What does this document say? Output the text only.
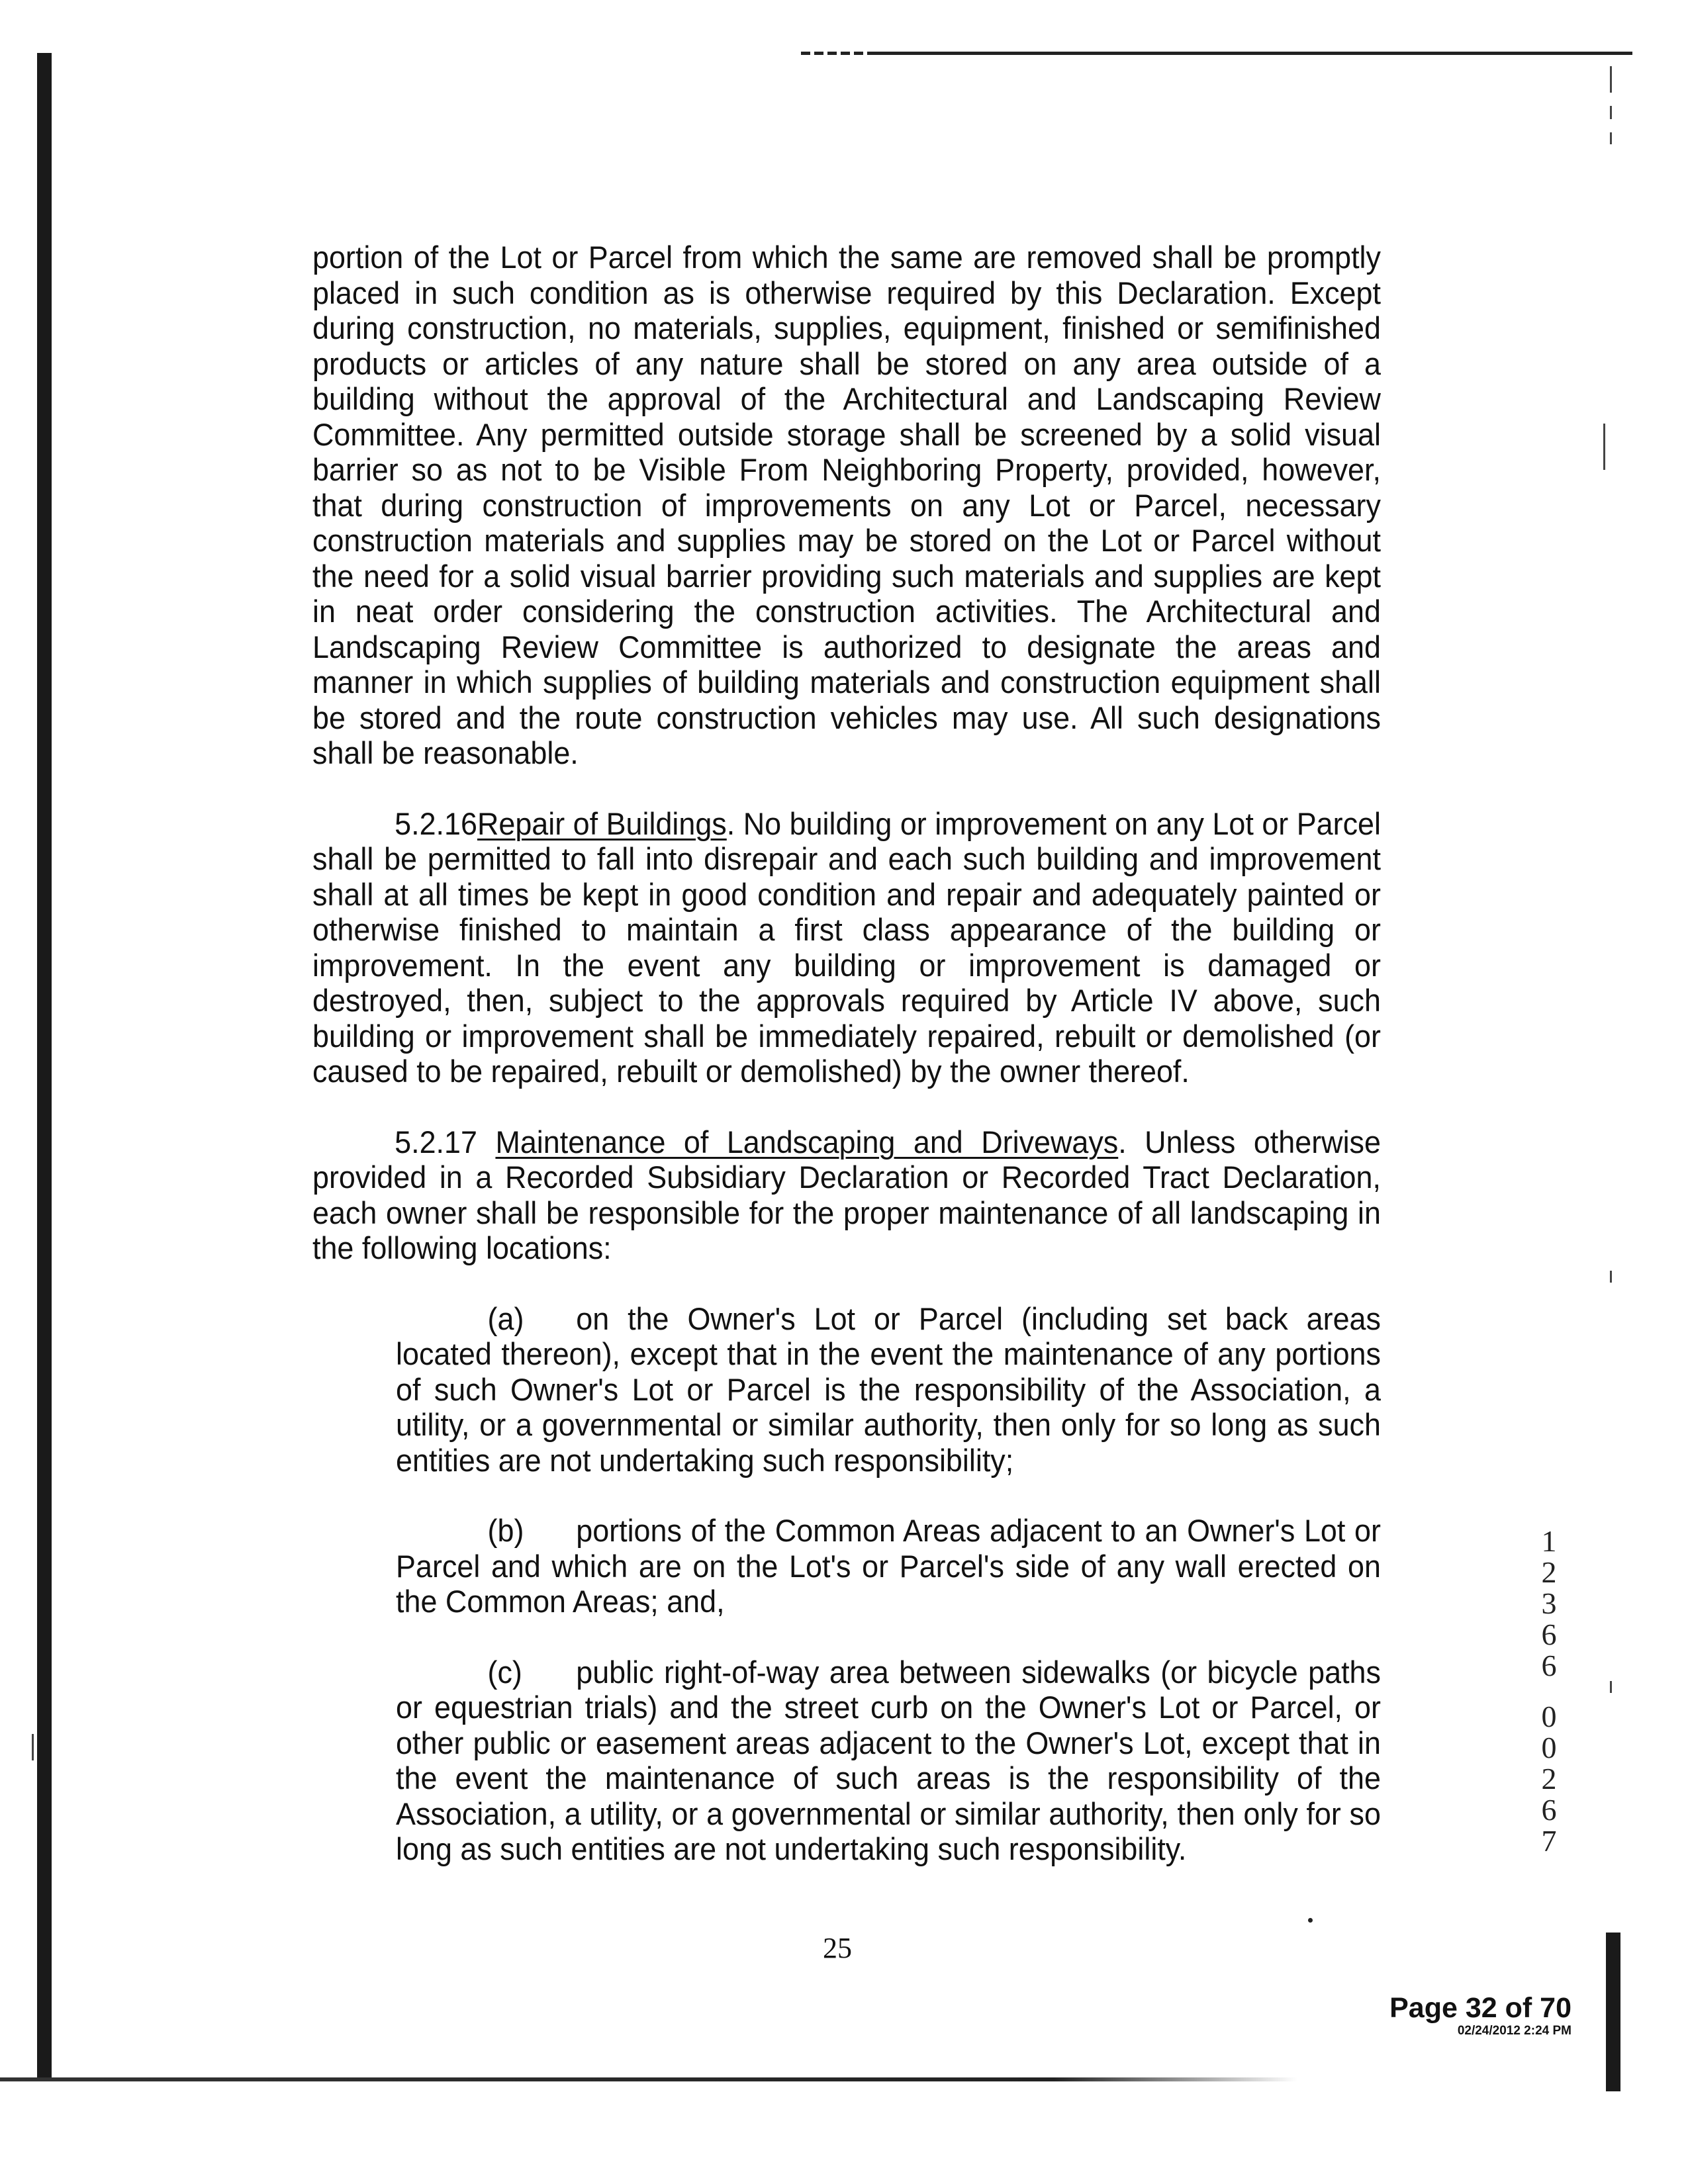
portion of the Lot or Parcel from which the same are removed shall be promptly placed in such condition as is otherwise required by this Declaration. Except during construction, no materials, supplies, equipment, finished or semifinished products or articles of any nature shall be stored on any area outside of a building without the approval of the Architectural and Landscaping Review Committee. Any permitted outside storage shall be screened by a solid visual barrier so as not to be Visible From Neighboring Property, provided, however, that during construction of improvements on any Lot or Parcel, necessary construction materials and supplies may be stored on the Lot or Parcel without the need for a solid visual barrier providing such materials and supplies are kept in neat order considering the construction activities. The Architectural and Landscaping Review Committee is authorized to designate the areas and manner in which supplies of building materials and construction equipment shall be stored and the route construction vehicles may use. All such designations shall be reasonable.

5.2.16Repair of Buildings. No building or improvement on any Lot or Parcel shall be permitted to fall into disrepair and each such building and improvement shall at all times be kept in good condition and repair and adequately painted or otherwise finished to maintain a first class appearance of the building or improvement. In the event any building or improvement is damaged or destroyed, then, subject to the approvals required by Article IV above, such building or improvement shall be immediately repaired, rebuilt or demolished (or caused to be repaired, rebuilt or demolished) by the owner thereof.

5.2.17 Maintenance of Landscaping and Driveways. Unless otherwise provided in a Recorded Subsidiary Declaration or Recorded Tract Declaration, each owner shall be responsible for the proper maintenance of all landscaping in the following locations:

(a) on the Owner's Lot or Parcel (including set back areas located thereon), except that in the event the maintenance of any portions of such Owner's Lot or Parcel is the responsibility of the Association, a utility, or a governmental or similar authority, then only for so long as such entities are not undertaking such responsibility;

(b) portions of the Common Areas adjacent to an Owner's Lot or Parcel and which are on the Lot's or Parcel's side of any wall erected on the Common Areas; and,

(c) public right-of-way area between sidewalks (or bicycle paths or equestrian trials) and the street curb on the Owner's Lot or Parcel, or other public or easement areas adjacent to the Owner's Lot, except that in the event the maintenance of such areas is the responsibility of the Association, a utility, or a governmental or similar authority, then only for so long as such entities are not undertaking such responsibility.

25
1
2
3
6
6
0
0
2
6
7
Page 32 of 70
02/24/2012 2:24 PM
